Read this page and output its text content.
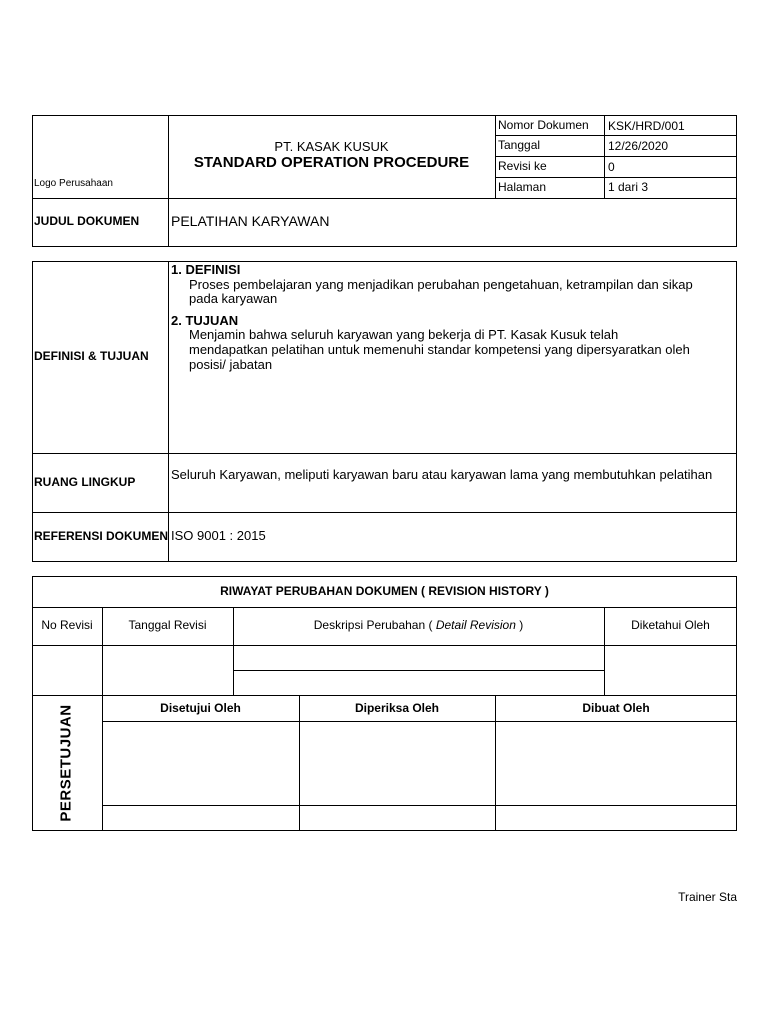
Logo Perusahaan
PT. KASAK KUSUK
STANDARD OPERATION PROCEDURE
Nomor Dokumen KSK/HRD/001
Tanggal	12/26/2020
Revisi ke	0
Halaman	1 dari 3
JUDUL DOKUMEN PELATIHAN KARYAWAN
DEFINISI & TUJUAN
1. DEFINISI
Proses pembelajaran yang menjadikan perubahan pengetahuan, ketrampilan dan sikap
pada karyawan
2. TUJUAN
Menjamin bahwa seluruh karyawan yang bekerja di PT. Kasak Kusuk telah
mendapatkan pelatihan untuk memenuhi standar kompetensi yang dipersyaratkan oleh
posisi/ jabatan
RUANG LINGKUP	Seluruh Karyawan, meliputi karyawan baru atau karyawan lama yang membutuhkan pelatihan
REFERENSI DOKUMEN ISO 9001 : 2015
RIWAYAT PERUBAHAN DOKUMEN ( REVISION HISTORY )
No Revisi	Tanggal Revisi	Deskripsi Perubahan ( Detail Revision )	Diketahui Oleh
PERSETUJUAN	Disetujui Oleh	Diperiksa Oleh	Dibuat Oleh
Trainer Sta
